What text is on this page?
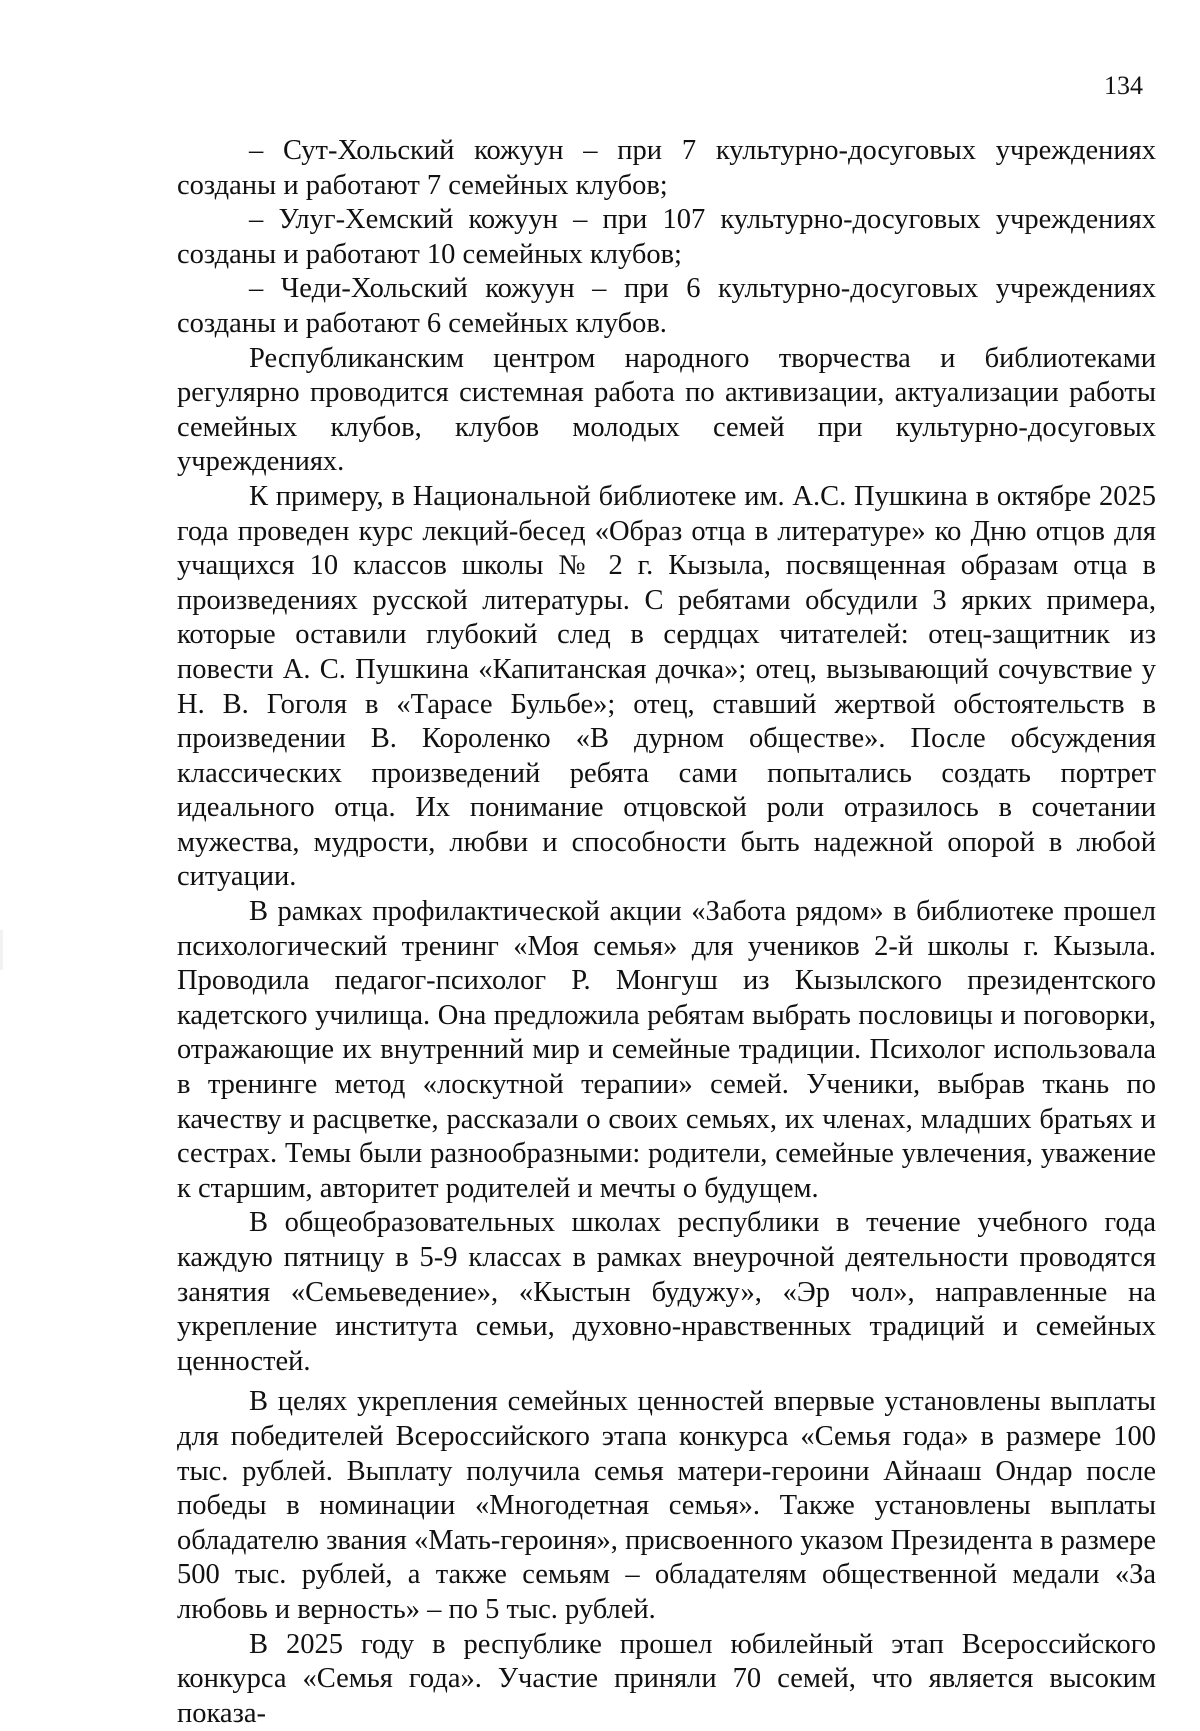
134

– Сут-Хольский кожуун – при 7 культурно-досуговых учреждениях созданы и работают 7 семейных клубов;

– Улуг-Хемский кожуун – при 107 культурно-досуговых учреждениях созданы и работают 10 семейных клубов;

– Чеди-Хольский кожуун – при 6 культурно-досуговых учреждениях созданы и работают 6 семейных клубов.

Республиканским центром народного творчества и библиотеками регулярно проводится системная работа по активизации, актуализации работы семейных клубов, клубов молодых семей при культурно-досуговых учреждениях.

К примеру, в Национальной библиотеке им. А.С. Пушкина в октябре 2025 года проведен курс лекций-бесед «Образ отца в литературе» ко Дню отцов для учащихся 10 классов школы № 2 г. Кызыла, посвященная образам отца в произведениях русской литературы. С ребятами обсудили 3 ярких примера, которые оставили глубокий след в сердцах читателей: отец-защитник из повести А. С. Пушкина «Капитанская дочка»; отец, вызывающий сочувствие у Н. В. Гоголя в «Тарасе Бульбе»; отец, ставший жертвой обстоятельств в произведении В. Короленко «В дурном обществе». После обсуждения классических произведений ребята сами попытались создать портрет идеального отца. Их понимание отцовской роли отразилось в сочетании мужества, мудрости, любви и способности быть надежной опорой в любой ситуации.

В рамках профилактической акции «Забота рядом» в библиотеке прошел психологический тренинг «Моя семья» для учеников 2-й школы г. Кызыла. Проводила педагог-психолог Р. Монгуш из Кызылского президентского кадетского училища. Она предложила ребятам выбрать пословицы и поговорки, отражающие их внутренний мир и семейные традиции. Психолог использовала в тренинге метод «лоскутной терапии» семей. Ученики, выбрав ткань по качеству и расцветке, рассказали о своих семьях, их членах, младших братьях и сестрах. Темы были разнообразными: родители, семейные увлечения, уважение к старшим, авторитет родителей и мечты о будущем.

В общеобразовательных школах республики в течение учебного года каждую пятницу в 5-9 классах в рамках внеурочной деятельности проводятся занятия «Семьеведение», «Кыстын будужу», «Эр чол», направленные на укрепление института семьи, духовно-нравственных традиций и семейных ценностей.

В целях укрепления семейных ценностей впервые установлены выплаты для победителей Всероссийского этапа конкурса «Семья года» в размере 100 тыс. рублей. Выплату получила семья матери-героини Айнааш Ондар после победы в номинации «Многодетная семья». Также установлены выплаты обладателю звания «Мать-героиня», присвоенного указом Президента в размере 500 тыс. рублей, а также семьям – обладателям общественной медали «За любовь и верность» – по 5 тыс. рублей.

В 2025 году в республике прошел юбилейный этап Всероссийского конкурса «Семья года». Участие приняли 70 семей, что является высоким показа-
